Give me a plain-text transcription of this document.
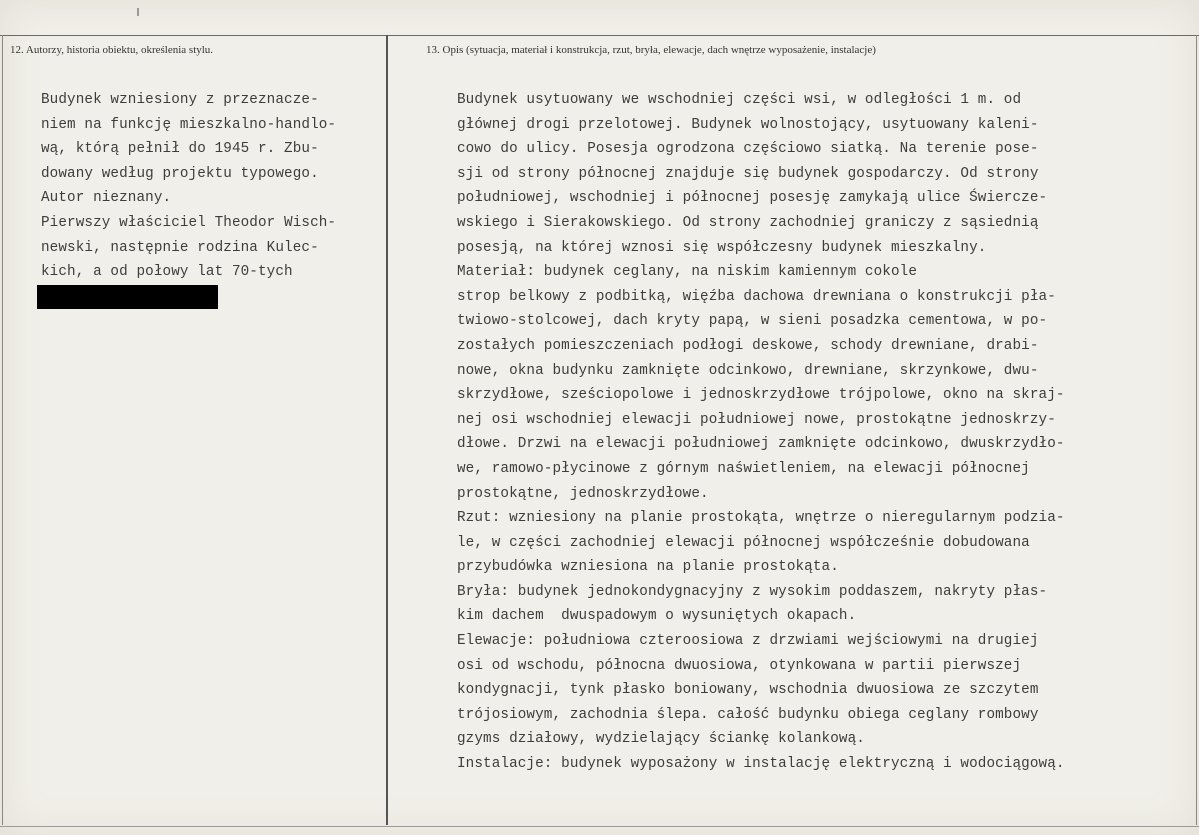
12. Autorzy, historia obiektu, określenia stylu.	13. Opis (sytuacja, materiał i konstrukcja, rzut, bryła, elewacje, dach wnętrze wyposażenie, instalacje)
Budynek wzniesiony z przeznacze-
niem na funkcję mieszkalno-handlo-
wą, którą pełnił do 1945 r. Zbu-
dowany według projektu typowego.
Autor nieznany.
Pierwszy właściciel Theodor Wisch-
newski, następnie rodzina Kulec-
kich, a od połowy lat 70-tych
Budynek usytuowany we wschodniej części wsi, w odległości 1 m. od
głównej drogi przelotowej. Budynek wolnostojący, usytuowany kaleni-
cowo do ulicy. Posesja ogrodzona częściowo siatką. Na terenie pose-
sji od strony północnej znajduje się budynek gospodarczy. Od strony
południowej, wschodniej i północnej posesję zamykają ulice Świercze-
wskiego i Sierakowskiego. Od strony zachodniej graniczy z sąsiednią
posesją, na której wznosi się współczesny budynek mieszkalny.
Materiał: budynek ceglany, na niskim kamiennym cokole
strop belkowy z podbitką, więźba dachowa drewniana o konstrukcji pła-
twiowo-stolcowej, dach kryty papą, w sieni posadzka cementowa, w po-
zostałych pomieszczeniach podłogi deskowe, schody drewniane, drabi-
nowe, okna budynku zamknięte odcinkowo, drewniane, skrzynkowe, dwu-
skrzydłowe, sześciopolowe i jednoskrzydłowe trójpolowe, okno na skraj-
nej osi wschodniej elewacji południowej nowe, prostokątne jednoskrzy-
dłowe. Drzwi na elewacji południowej zamknięte odcinkowo, dwuskrzydło-
we, ramowo-płycinowe z górnym naświetleniem, na elewacji północnej
prostokątne, jednoskrzydłowe.
Rzut: wzniesiony na planie prostokąta, wnętrze o nieregularnym podzia-
le, w części zachodniej elewacji północnej współcześnie dobudowana
przybudówka wzniesiona na planie prostokąta.
Bryła: budynek jednokondygnacyjny z wysokim poddaszem, nakryty płas-
kim dachem  dwuspadowym o wysuniętych okapach.
Elewacje: południowa czteroosiowa z drzwiami wejściowymi na drugiej
osi od wschodu, północna dwuosiowa, otynkowana w partii pierwszej
kondygnacji, tynk płasko boniowany, wschodnia dwuosiowa ze szczytem
trójosiowym, zachodnia ślepa. całość budynku obiega ceglany rombowy
gzyms działowy, wydzielający ściankę kolankową.
Instalacje: budynek wyposażony w instalację elektryczną i wodociągową.
